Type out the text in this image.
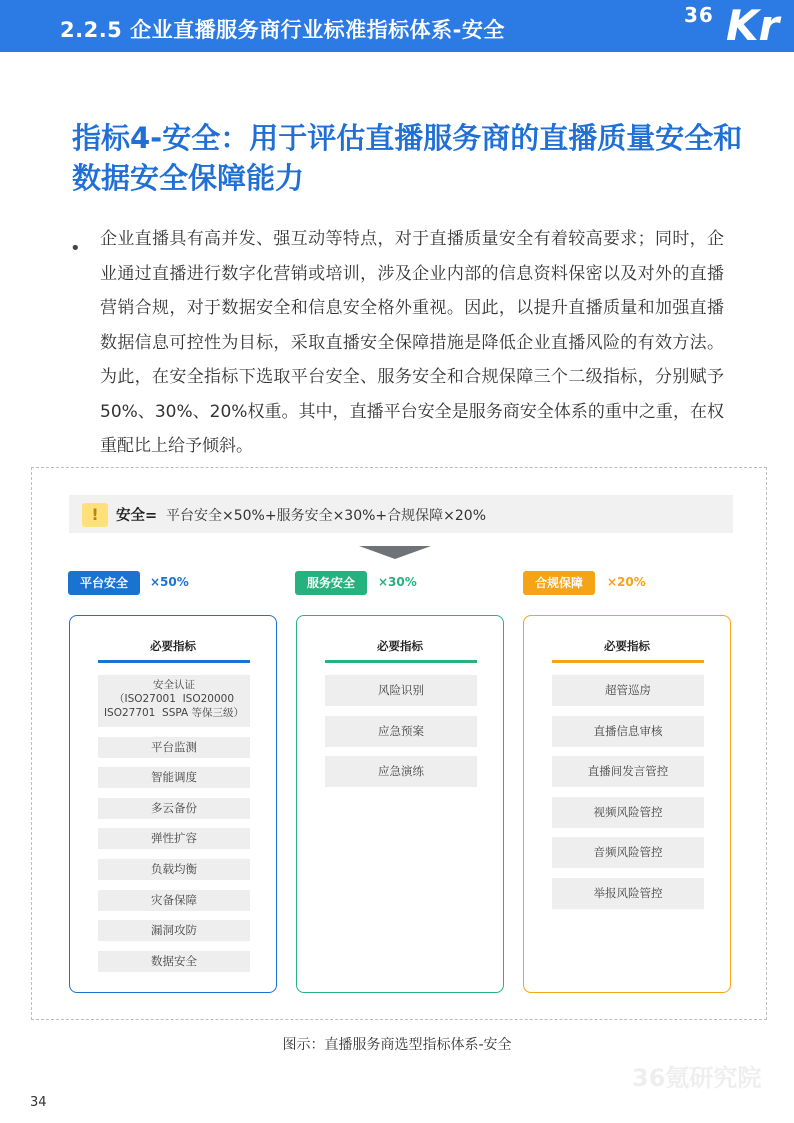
2.2.5 企业直播服务商行业标准指标体系-安全
36 Kr
指标4-安全：用于评估直播服务商的直播质量安全和数据安全保障能力
• 企业直播具有高并发、强互动等特点，对于直播质量安全有着较高要求；同时，企业通过直播进行数字化营销或培训，涉及企业内部的信息资料保密以及对外的直播营销合规，对于数据安全和信息安全格外重视。因此，以提升直播质量和加强直播数据信息可控性为目标，采取直播安全保障措施是降低企业直播风险的有效方法。为此，在安全指标下选取平台安全、服务安全和合规保障三个二级指标，分别赋予50%、30%、20%权重。其中，直播平台安全是服务商安全体系的重中之重，在权重配比上给予倾斜。
!	安全= 平台安全×50%+服务安全×30%+合规保障×20%
平台安全	×50%
必要指标
安全认证
（ISO27001  ISO20000
ISO27701  SSPA 等保三级）
平台监测
智能调度
多云备份
弹性扩容
负载均衡
灾备保障
漏洞攻防
数据安全
服务安全	×30%
必要指标
风险识别
应急预案
应急演练
合规保障	×20%
必要指标
超管巡房
直播信息审核
直播间发言管控
视频风险管控
音频风险管控
举报风险管控
图示：直播服务商选型指标体系-安全
36氪研究院
34
